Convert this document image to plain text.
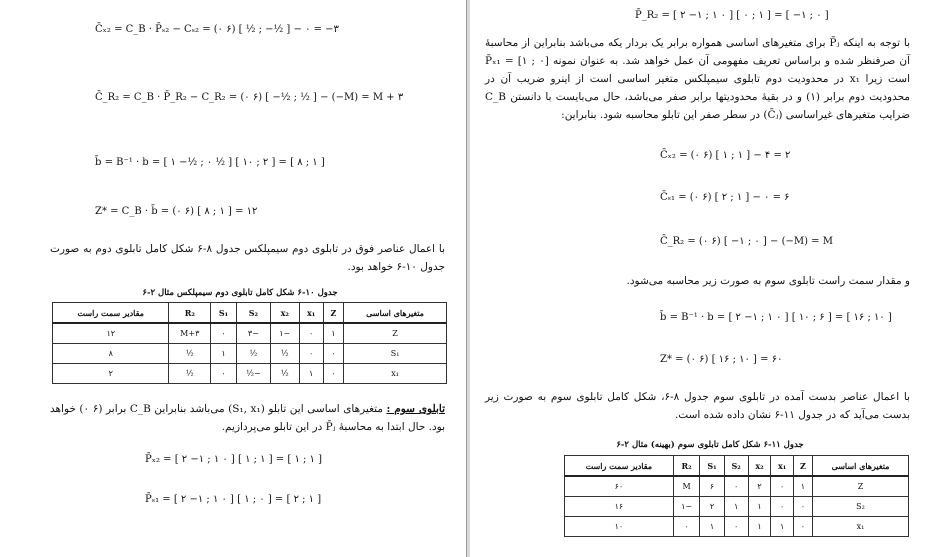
C̄ₓ₂ = C_B · P̄ₛ₂ − Cₛ₂ = (۰ ۶) [ ½ ; −½ ] − ۰ = −۳
C̄_R₂ = C_B · P̄_R₂ − C_R₂ = (۰ ۶) [ −½ ; ½ ] − (−M) = M + ۳
b̄ = B⁻¹ · b = [ ۱ −½ ; ۰ ½ ] [ ۱۰ ; ۲ ] = [ ۸ ; ۱ ]
Z* = C_B · b̄ = (۰ ۶) [ ۸ ; ۱ ] = ۱۲
با اعمال عناصر فوق در تابلوی دوم سیمپلکس جدول ۸-۶ شکل کامل تابلوی دوم به صورت جدول ۱۰-۶ خواهد بود.
جدول ۱۰-۶ شکل کامل تابلوی دوم سیمپلکس مثال ۲-۶
متغیرهای اساسی	Z	x₁	x₂	S₂	S₁	R₂	مقادیر سمت راست
Z	۱	۰	−۱	−۳	۰	M+۳	۱۲
S₁	۰	۰	½	½	۱	½	۸
x₁	۰	۱	½	−½	۰	½	۲
تابلوی سوم : متغیرهای اساسی این تابلو (S₁, x₁) می‌باشد بنابراین C_B برابر (۶ ۰) خواهد بود. حال ابتدا به محاسبهٔ P̄ⱼ در این تابلو می‌پردازیم.
P̄ₓ₂ = [ ۲ −۱ ; ۱ ۰ ] [ ۱ ; ۱ ] = [ ۱ ; ۱ ]
P̄ₛ₁ = [ ۲ −۱ ; ۱ ۰ ] [ ۱ ; ۰ ] = [ ۲ ; ۱ ]
P̄_R₂ = [ ۲ −۱ ; ۱ ۰ ] [ ۰ ; ۱ ] = [ −۱ ; ۰ ]
با توجه به اینکه P̄ⱼ برای متغیرهای اساسی همواره برابر یک بردار یکه می‌باشد بنابراین از محاسبهٔ آن صرفنظر شده و براساس تعریف مفهومی آن عمل خواهد شد. به عنوان نمونه P̄ₓ₁ = [۱ ; ۰] است زیرا x₁ در محدودیت دوم تابلوی سیمپلکس متغیر اساسی است از اینرو ضریب آن در محدودیت دوم برابر (۱) و در بقیهٔ محدودیتها برابر صفر می‌باشد، حال می‌بایست با دانستن C_B ضرایب متغیرهای غیراساسی (C̄ⱼ) در سطر صفر این تابلو محاسبه شود. بنابراین:
C̄ₓ₂ = (۰ ۶) [ ۱ ; ۱ ] − ۴ = ۲
C̄ₛ₁ = (۰ ۶) [ ۲ ; ۱ ] − ۰ = ۶
C̄_R₂ = (۰ ۶) [ −۱ ; ۰ ] − (−M) = M
و مقدار سمت راست تابلوی سوم به صورت زیر محاسبه می‌شود.
b̄ = B⁻¹ · b = [ ۲ −۱ ; ۱ ۰ ] [ ۱۰ ; ۶ ] = [ ۱۶ ; ۱۰ ]
Z* = (۰ ۶) [ ۱۶ ; ۱۰ ] = ۶۰
با اعمال عناصر بدست آمده در تابلوی سوم جدول ۸-۶، شکل کامل تابلوی سوم به صورت زیر بدست می‌آید که در جدول ۱۱-۶ نشان داده شده است.
جدول ۱۱-۶ شکل کامل تابلوی سوم (بهینه) مثال ۲-۶
متغیرهای اساسی	Z	x₁	x₂	S₂	S₁	R₂	مقادیر سمت راست
Z	۱	۰	۲	۰	۶	M	۶۰
S₂	۰	۰	۱	۱	۲	−۱	۱۶
x₁	۰	۱	۱	۰	۱	۰	۱۰
